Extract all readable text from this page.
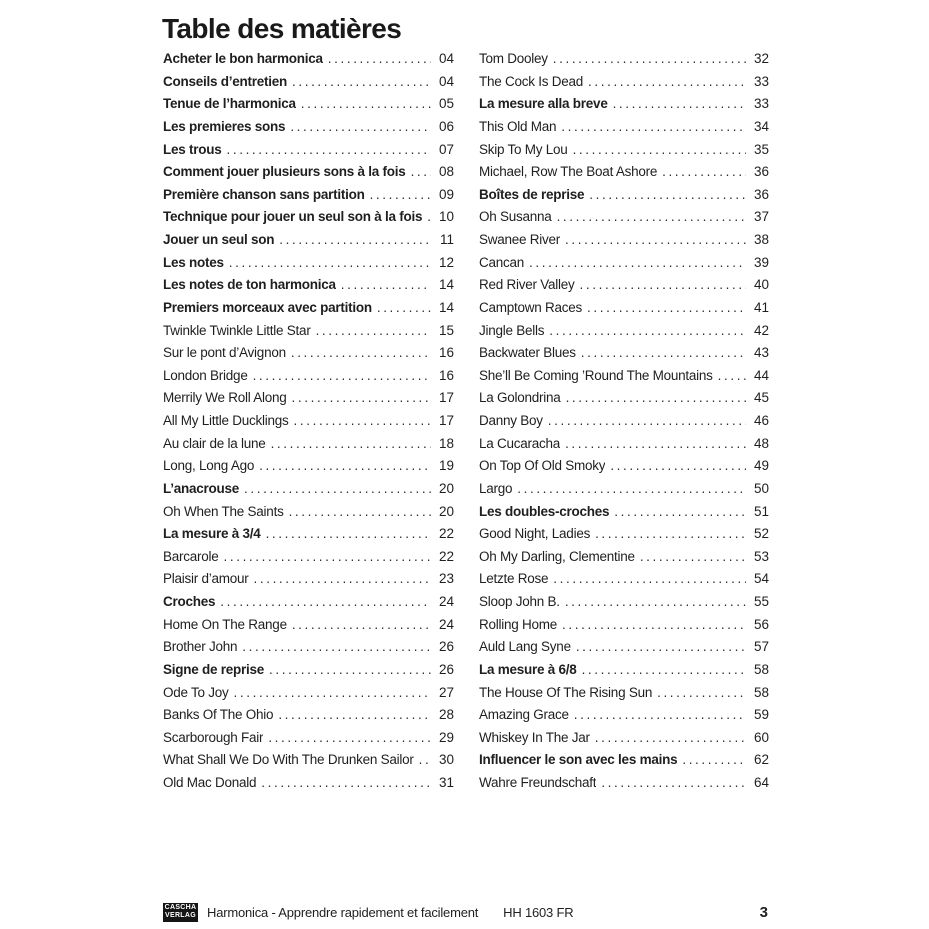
Table des matières
Acheter le bon harmonica .....	04
Conseils d’entretien .....	04
Tenue de l’harmonica .....	05
Les premieres sons .....	06
Les trous .....	07
Comment jouer plusieurs sons à la fois ..... 08
Première chanson sans partition .....	09
Technique pour jouer un seul son à la fois ..... 10
Jouer un seul son .....	11
Les notes .....	12
Les notes de ton harmonica .....	14
Premiers morceaux avec partition .....	14
Twinkle Twinkle Little Star .....	15
Sur le pont d’Avignon .....	16
London Bridge .....	16
Merrily We Roll Along .....	17
All My Little Ducklings .....	17
Au clair de la lune .....	18
Long, Long Ago .....	19
L’anacrouse .....	20
Oh When The Saints .....	20
La mesure à 3/4 .....	22
Barcarole .....	22
Plaisir d’amour .....	23
Croches .....	24
Home On The Range .....	24
Brother John .....	26
Signe de reprise .....	26
Ode To Joy .....	27
Banks Of The Ohio .....	28
Scarborough Fair .....	29
What Shall We Do With The Drunken Sailor ..... 30
Old Mac Donald .....	31
Tom Dooley .....	32
The Cock Is Dead .....	33
La mesure alla breve .....	33
This Old Man .....	34
Skip To My Lou .....	35
Michael, Row The Boat Ashore .....	36
Boîtes de reprise .....	36
Oh Susanna .....	37
Swanee River .....	38
Cancan .....	39
Red River Valley .....	40
Camptown Races .....	41
Jingle Bells .....	42
Backwater Blues .....	43
She’ll Be Coming ’Round The Mountains .....	44
La Golondrina .....	45
Danny Boy .....	46
La Cucaracha .....	48
On Top Of Old Smoky .....	49
Largo .....	50
Les doubles-croches .....	51
Good Night, Ladies .....	52
Oh My Darling, Clementine .....	53
Letzte Rose .....	54
Sloop John B. .....	55
Rolling Home .....	56
Auld Lang Syne .....	57
La mesure à 6/8 .....	58
The House Of The Rising Sun .....	58
Amazing Grace .....	59
Whiskey In The Jar .....	60
Influencer le son avec les mains .....	62
Wahre Freundschaft .....	64
CASCHA
VERLAG Harmonica - Apprendre rapidement et facilement HH 1603 FR	3
